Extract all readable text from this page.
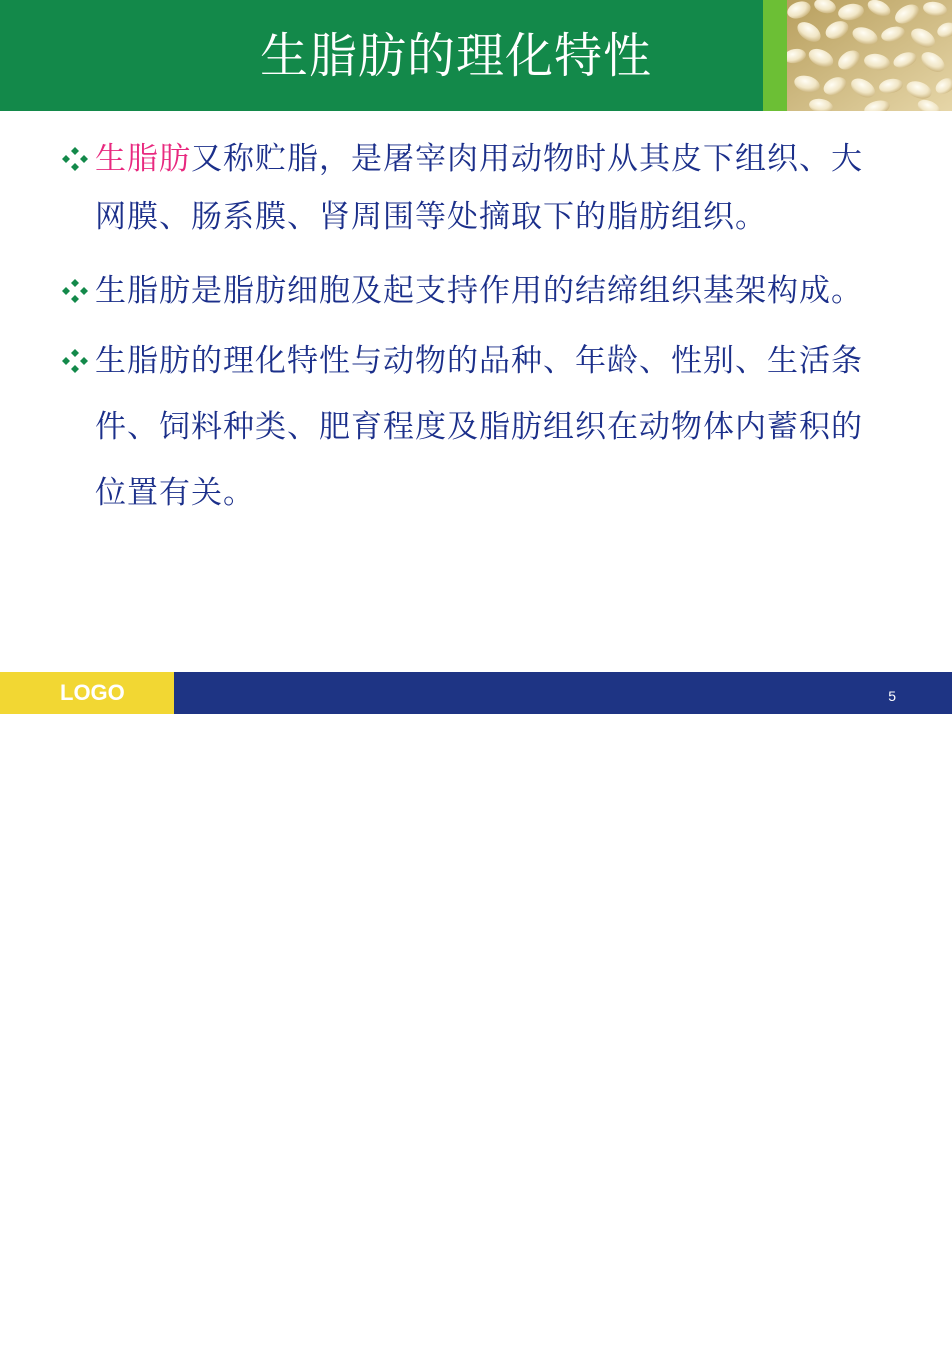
生脂肪的理化特性
生脂肪又称贮脂，是屠宰肉用动物时从其皮下组织、大网膜、肠系膜、肾周围等处摘取下的脂肪组织。
生脂肪是脂肪细胞及起支持作用的结缔组织基架构成。
生脂肪的理化特性与动物的品种、年龄、性别、生活条件、饲料种类、肥育程度及脂肪组织在动物体内蓄积的位置有关。
LOGO	5
